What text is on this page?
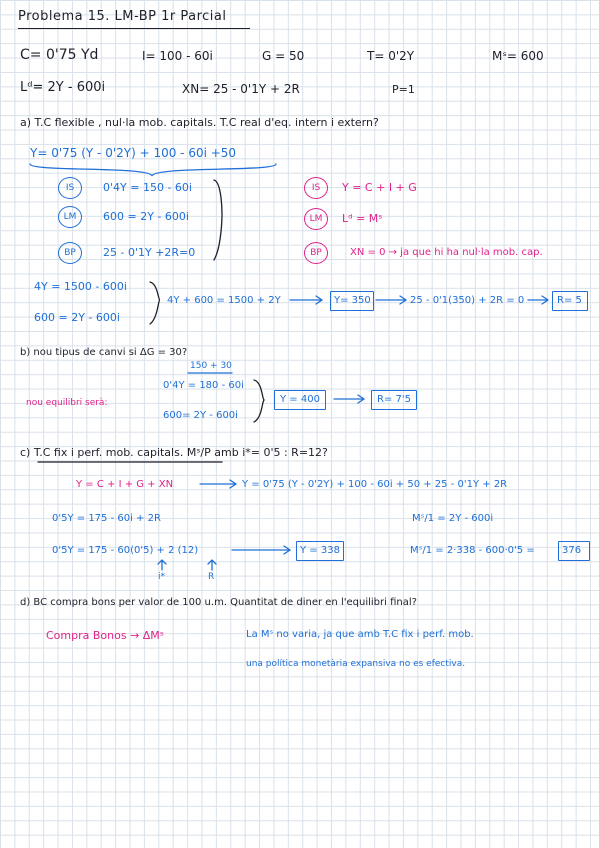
Problema 15. LM-BP 1r Parcial
C= 0'75 Yd	I= 100 - 60i	G = 50	T= 0'2Y	Mˢ= 600
Lᵈ= 2Y - 600i	XN= 25 - 0'1Y + 2R	P=1
a) T.C flexible , nul·la mob. capitals. T.C real d'eq. intern i extern?
Y= 0'75 (Y - 0'2Y) + 100 - 60i +50
IS	0'4Y = 150 - 60i
LM 600 = 2Y - 600i
BP 25 - 0'1Y +2R=0
IS Y = C + I + G
LM Lᵈ = Mˢ
BP	XN = 0 → ja que hi ha nul·la mob. cap.
4Y = 1500 - 600i
600 = 2Y - 600i
4Y + 600 = 1500 + 2Y	Y= 350	25 - 0'1(350) + 2R = 0	R= 5
b) nou tipus de canvi si ΔG = 30?
150 + 30
0'4Y = 180 - 60i
600= 2Y - 600i
nou equilibri serà:	Y = 400	R= 7'5
c) T.C fix i perf. mob. capitals. Mˢ/P amb i*= 0'5 : R=12?
Y = C + I + G + XN	Y = 0'75 (Y - 0'2Y) + 100 - 60i + 50 + 25 - 0'1Y + 2R
0'5Y = 175 - 60i + 2R	Mˢ/1 = 2Y - 600i
0'5Y = 175 - 60(0'5) + 2 (12)	Y = 338	Mˢ/1 = 2·338 - 600·0'5 =	376
i*	R
d) BC compra bons per valor de 100 u.m. Quantitat de diner en l'equilibri final?
Compra Bonos → ΔMˢ	La Mˢ no varia, ja que amb T.C fix i perf. mob.
una política monetària expansiva no es efectiva.
